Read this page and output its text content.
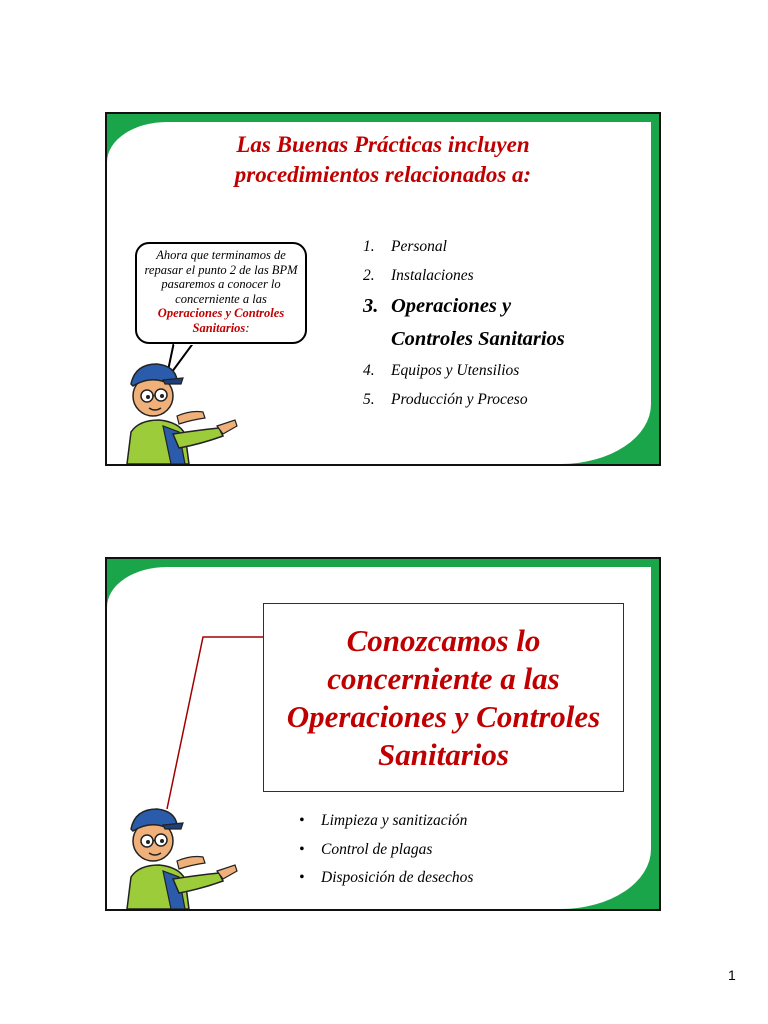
Las Buenas Prácticas incluyen
procedimientos relacionados a:
Ahora que terminamos de repasar el punto 2 de las BPM pasaremos a conocer lo concerniente a las Operaciones y Controles Sanitarios:
1. Personal
2. Instalaciones
3. Operaciones y
Controles Sanitarios
4. Equipos y Utensilios
5. Producción y Proceso
Conozcamos lo
concerniente a las
Operaciones y Controles
Sanitarios
• Limpieza y sanitización
• Control de plagas
• Disposición de desechos
1
